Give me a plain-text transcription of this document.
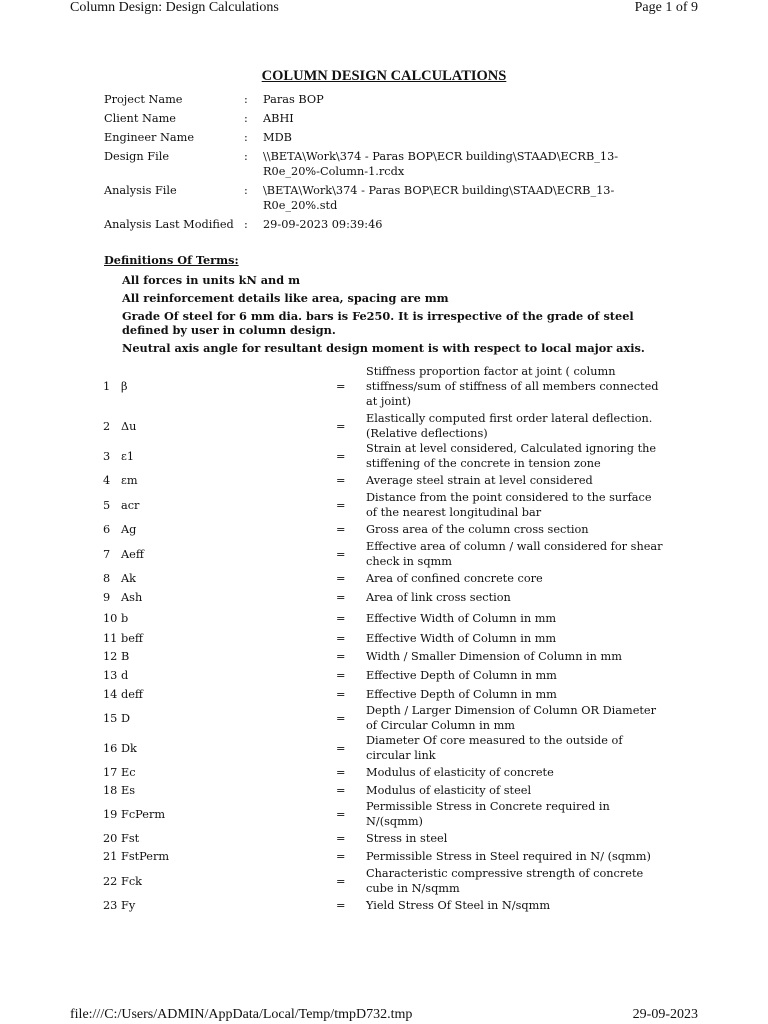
Column Design: Design Calculations	Page 1 of 9
COLUMN DESIGN CALCULATIONS
Project Name	:	Paras BOP
Client Name	:	ABHI
Engineer Name	:	MDB
Design File	:	\\BETA\Work\374 - Paras BOP\ECR building\STAAD\ECRB_13-R0e_20%-Column-1.rcdx
Analysis File	:	\BETA\Work\374 - Paras BOP\ECR building\STAAD\ECRB_13-R0e_20%.std
Analysis Last Modified :	29-09-2023 09:39:46
Definitions Of Terms:
All forces in units kN and m
All reinforcement details like area, spacing are mm
Grade Of steel for 6 mm dia. bars is Fe250. It is irrespective of the grade of steel defined by user in column design.
Neutral axis angle for resultant design moment is with respect to local major axis.
1 β	=
Stiffness proportion factor at joint ( column stiffness/sum of stiffness of all members connected at joint)
2 Δu	=
Elastically computed first order lateral deflection. (Relative deflections)
3 ε1	=
Strain at level considered, Calculated ignoring the stiffening of the concrete in tension zone
4 εm	=	Average steel strain at level considered
5 acr	=
Distance from the point considered to the surface of the nearest longitudinal bar
6 Ag	=	Gross area of the column cross section
7 Aeff	=
Effective area of column / wall considered for shear check in sqmm
8 Ak	=	Area of confined concrete core
9 Ash	=	Area of link cross section
10 b	=	Effective Width of Column in mm
11 beff	=	Effective Width of Column in mm
12 B	=	Width / Smaller Dimension of Column in mm
13 d	=	Effective Depth of Column in mm
14 deff	=	Effective Depth of Column in mm
15 D	=
Depth / Larger Dimension of Column OR Diameter of Circular Column in mm
16 Dk	=
Diameter Of core measured to the outside of circular link
17 Ec	=	Modulus of elasticity of concrete
18 Es	=	Modulus of elasticity of steel
19 FcPerm	=
Permissible Stress in Concrete required in N/(sqmm)
20 Fst	=	Stress in steel
21 FstPerm	=	Permissible Stress in Steel required in N/ (sqmm)
22 Fck	=
Characteristic compressive strength of concrete cube in N/sqmm
23 Fy	=	Yield Stress Of Steel in N/sqmm
file:///C:/Users/ADMIN/AppData/Local/Temp/tmpD732.tmp	29-09-2023
